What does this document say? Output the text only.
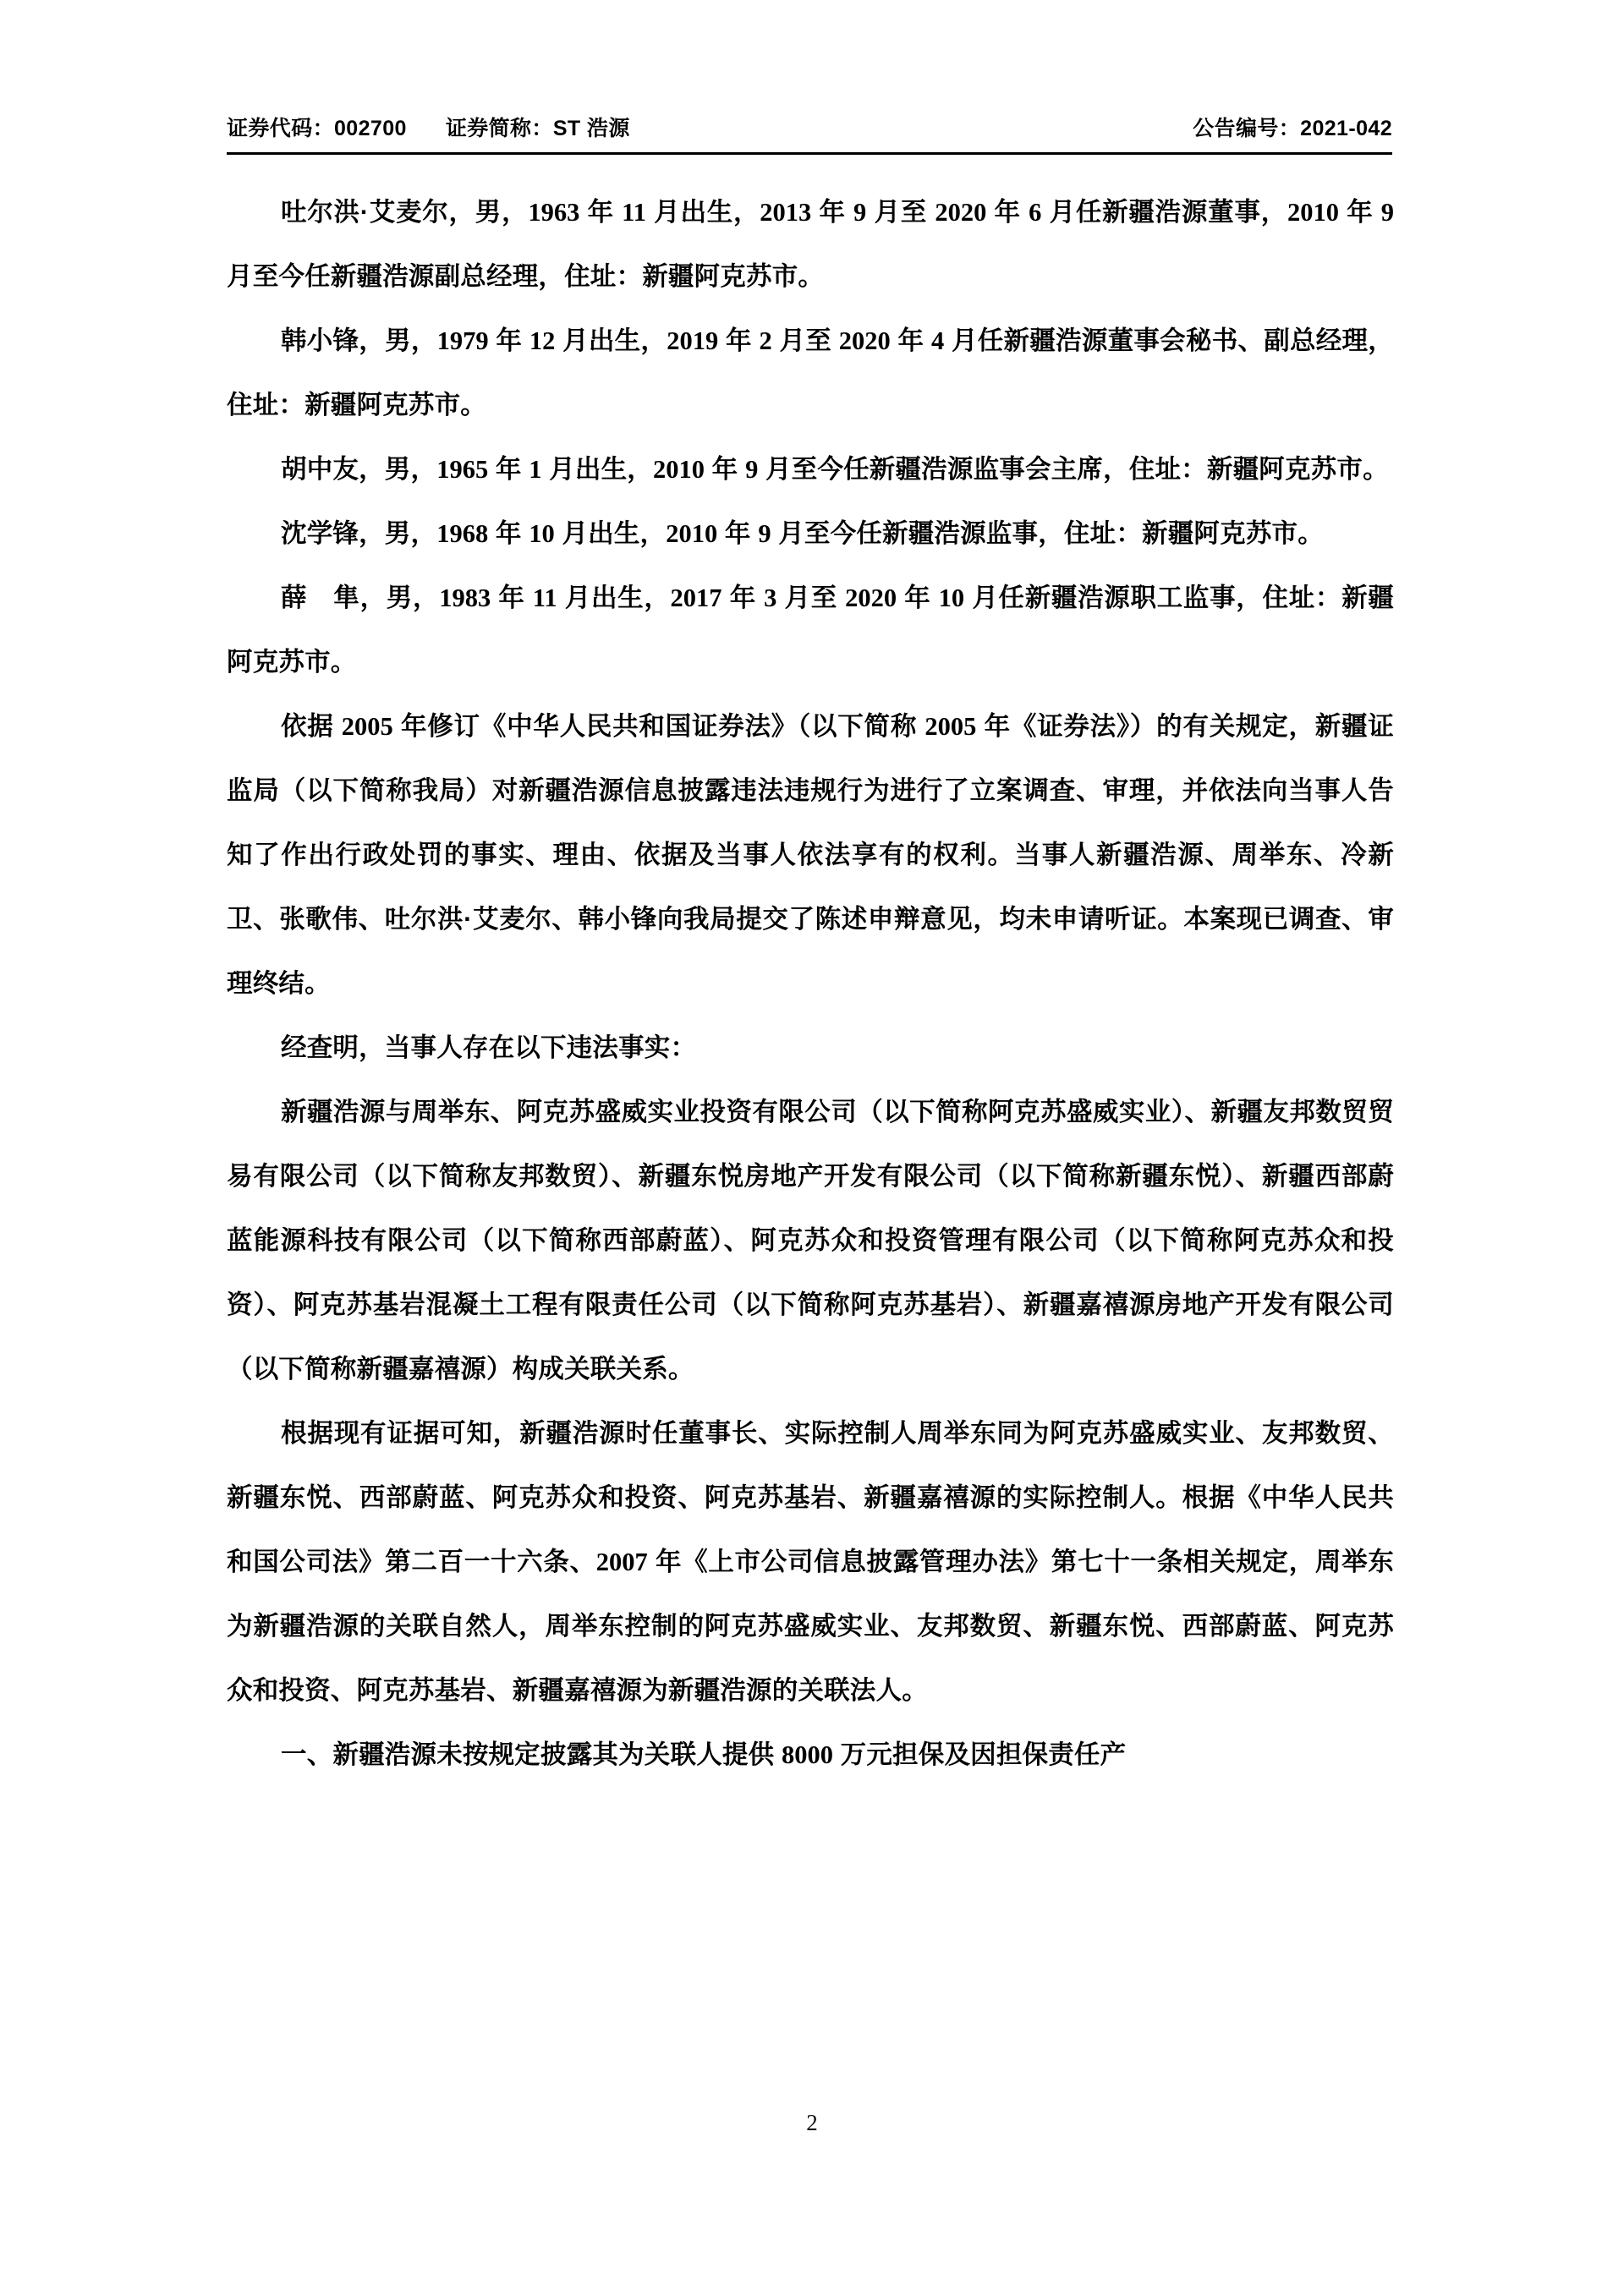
证券代码：002700 证券简称：ST 浩源	公告编号：2021-042

吐尔洪·艾麦尔，男，1963 年 11 月出生，2013 年 9 月至 2020 年 6 月任新疆浩源董事，2010 年 9 月至今任新疆浩源副总经理，住址：新疆阿克苏市。

韩小锋，男，1979 年 12 月出生，2019 年 2 月至 2020 年 4 月任新疆浩源董事会秘书、副总经理，住址：新疆阿克苏市。

胡中友，男，1965 年 1 月出生，2010 年 9 月至今任新疆浩源监事会主席，住址：新疆阿克苏市。

沈学锋，男，1968 年 10 月出生，2010 年 9 月至今任新疆浩源监事，住址：新疆阿克苏市。

薛　隼，男，1983 年 11 月出生，2017 年 3 月至 2020 年 10 月任新疆浩源职工监事，住址：新疆阿克苏市。

依据 2005 年修订《中华人民共和国证券法》（以下简称 2005 年《证券法》）的有关规定，新疆证监局（以下简称我局）对新疆浩源信息披露违法违规行为进行了立案调查、审理，并依法向当事人告知了作出行政处罚的事实、理由、依据及当事人依法享有的权利。当事人新疆浩源、周举东、冷新卫、张歌伟、吐尔洪·艾麦尔、韩小锋向我局提交了陈述申辩意见，均未申请听证。本案现已调查、审理终结。

经查明，当事人存在以下违法事实：

新疆浩源与周举东、阿克苏盛威实业投资有限公司（以下简称阿克苏盛威实业）、新疆友邦数贸贸易有限公司（以下简称友邦数贸）、新疆东悦房地产开发有限公司（以下简称新疆东悦）、新疆西部蔚蓝能源科技有限公司（以下简称西部蔚蓝）、阿克苏众和投资管理有限公司（以下简称阿克苏众和投资）、阿克苏基岩混凝土工程有限责任公司（以下简称阿克苏基岩）、新疆嘉禧源房地产开发有限公司（以下简称新疆嘉禧源）构成关联关系。

根据现有证据可知，新疆浩源时任董事长、实际控制人周举东同为阿克苏盛威实业、友邦数贸、新疆东悦、西部蔚蓝、阿克苏众和投资、阿克苏基岩、新疆嘉禧源的实际控制人。根据《中华人民共和国公司法》第二百一十六条、2007 年《上市公司信息披露管理办法》第七十一条相关规定，周举东为新疆浩源的关联自然人，周举东控制的阿克苏盛威实业、友邦数贸、新疆东悦、西部蔚蓝、阿克苏众和投资、阿克苏基岩、新疆嘉禧源为新疆浩源的关联法人。

一、新疆浩源未按规定披露其为关联人提供 8000 万元担保及因担保责任产

2
